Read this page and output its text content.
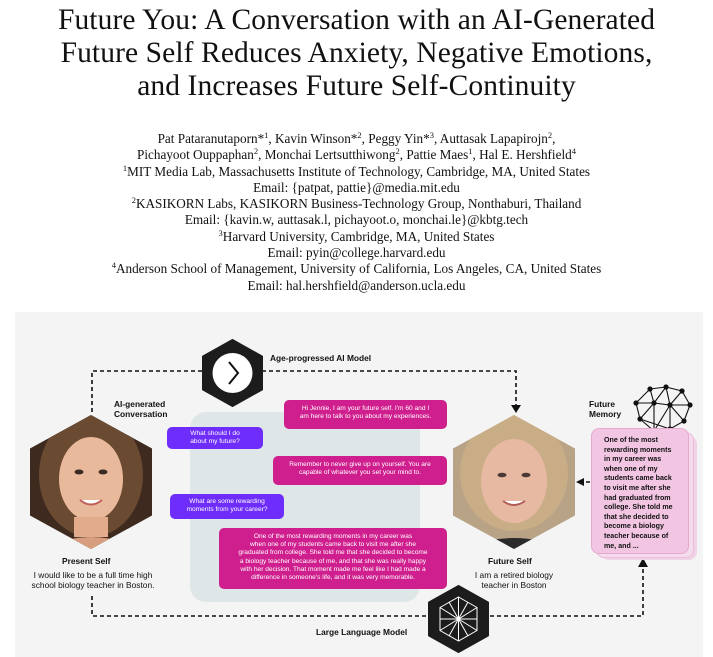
Future You: A Conversation with an AI-Generated
Future Self Reduces Anxiety, Negative Emotions,
and Increases Future Self-Continuity
Pat Pataranutaporn*$^1$, Kavin Winson*$^2$, Peggy Yin*$^3$, Auttasak Lapapirojn$^2$,
Pichayoot Ouppaphan$^2$, Monchai Lertsutthiwong$^2$, Pattie Maes$^1$, Hal E. Hershfield$^4$
$^1$MIT Media Lab, Massachusetts Institute of Technology, Cambridge, MA, United States
Email: {patpat, pattie}@media.mit.edu
$^2$KASIKORN Labs, KASIKORN Business-Technology Group, Nonthaburi, Thailand
Email: {kavin.w, auttasak.l, pichayoot.o, monchai.le}@kbtg.tech
$^3$Harvard University, Cambridge, MA, United States
Email: pyin@college.harvard.edu
$^4$Anderson School of Management, University of California, Los Angeles, CA, United States
Email: hal.hershfield@anderson.ucla.edu
Age-progressed AI Model
AI-generated
Conversation
Present Self
I would like to be a full time high
school biology teacher in Boston.
Hi Jennie, I am your future self. I'm 60 and I
am here to talk to you about my experiences.
What should I do
about my future?
Remember to never give up on yourself. You are
capable of whatever you set your mind to.
What are some rewarding
moments from your career?
One of the most rewarding moments in my career was
when one of my students came back to visit me after she
graduated from college. She told me that she decided to become
a biology teacher because of me, and that she was really happy
with her decision. That moment made me feel like I had made a
difference in someone's life, and it was very memorable.
Future Self
I am a retired biology
teacher in Boston
Future
Memory
One of the most
rewarding moments
in my career was
when one of my
students came back
to visit me after she
had graduated from
college. She told me
that she decided to
become a biology
teacher because of
me, and ...
Large Language Model
